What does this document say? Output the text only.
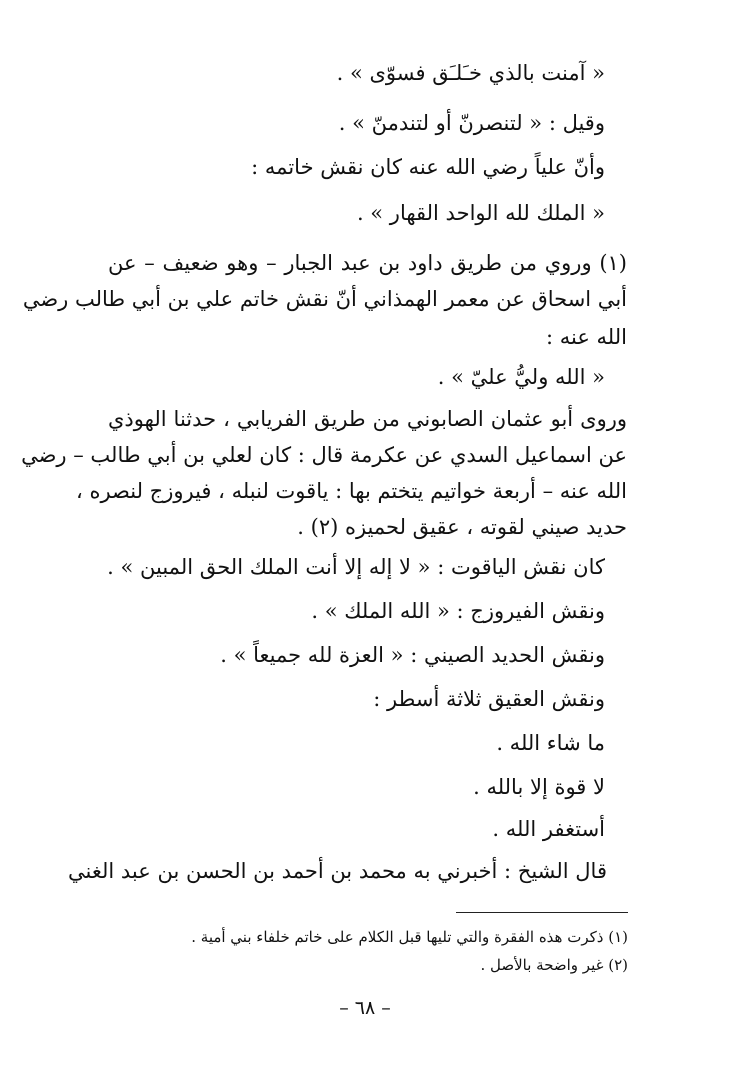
« آمنت بالذي خـَلـَق فسوّى » .
وقيل : « لتنصرنّ أو لتندمنّ » .
وأنّ علياً رضي الله عنه كان نقش خاتمه :
« الملك لله الواحد القهار » .
(١) وروي من طريق داود بن عبد الجبار – وهو ضعيف – عن
أبي اسحاق عن معمر الهمذاني أنّ نقش خاتم علي بن أبي طالب رضي
الله عنه :
« الله وليُّ عليّ » .
وروى أبو عثمان الصابوني من طريق الفريابي ، حدثنا الهوذي
عن اسماعيل السدي عن عكرمة قال : كان لعلي بن أبي طالب – رضي
الله عنه – أربعة خواتيم يتختم بها : ياقوت لنبله ، فيروزج لنصره ،
حديد صيني لقوته ، عقيق لحميزه (٢) .
كان نقش الياقوت : « لا إله إلا أنت الملك الحق المبين » .
ونقش الفيروزج : « الله الملك » .
ونقش الحديد الصيني : « العزة لله جميعاً » .
ونقش العقيق ثلاثة أسطر :
ما شاء الله .
لا قوة إلا بالله .
أستغفر الله .
قال الشيخ : أخبرني به محمد بن أحمد بن الحسن بن عبد الغني
(١) ذكرت هذه الفقرة والتي تليها قبل الكلام على خاتم خلفاء بني أمية .
(٢) غير واضحة بالأصل .
– ٦٨ –
